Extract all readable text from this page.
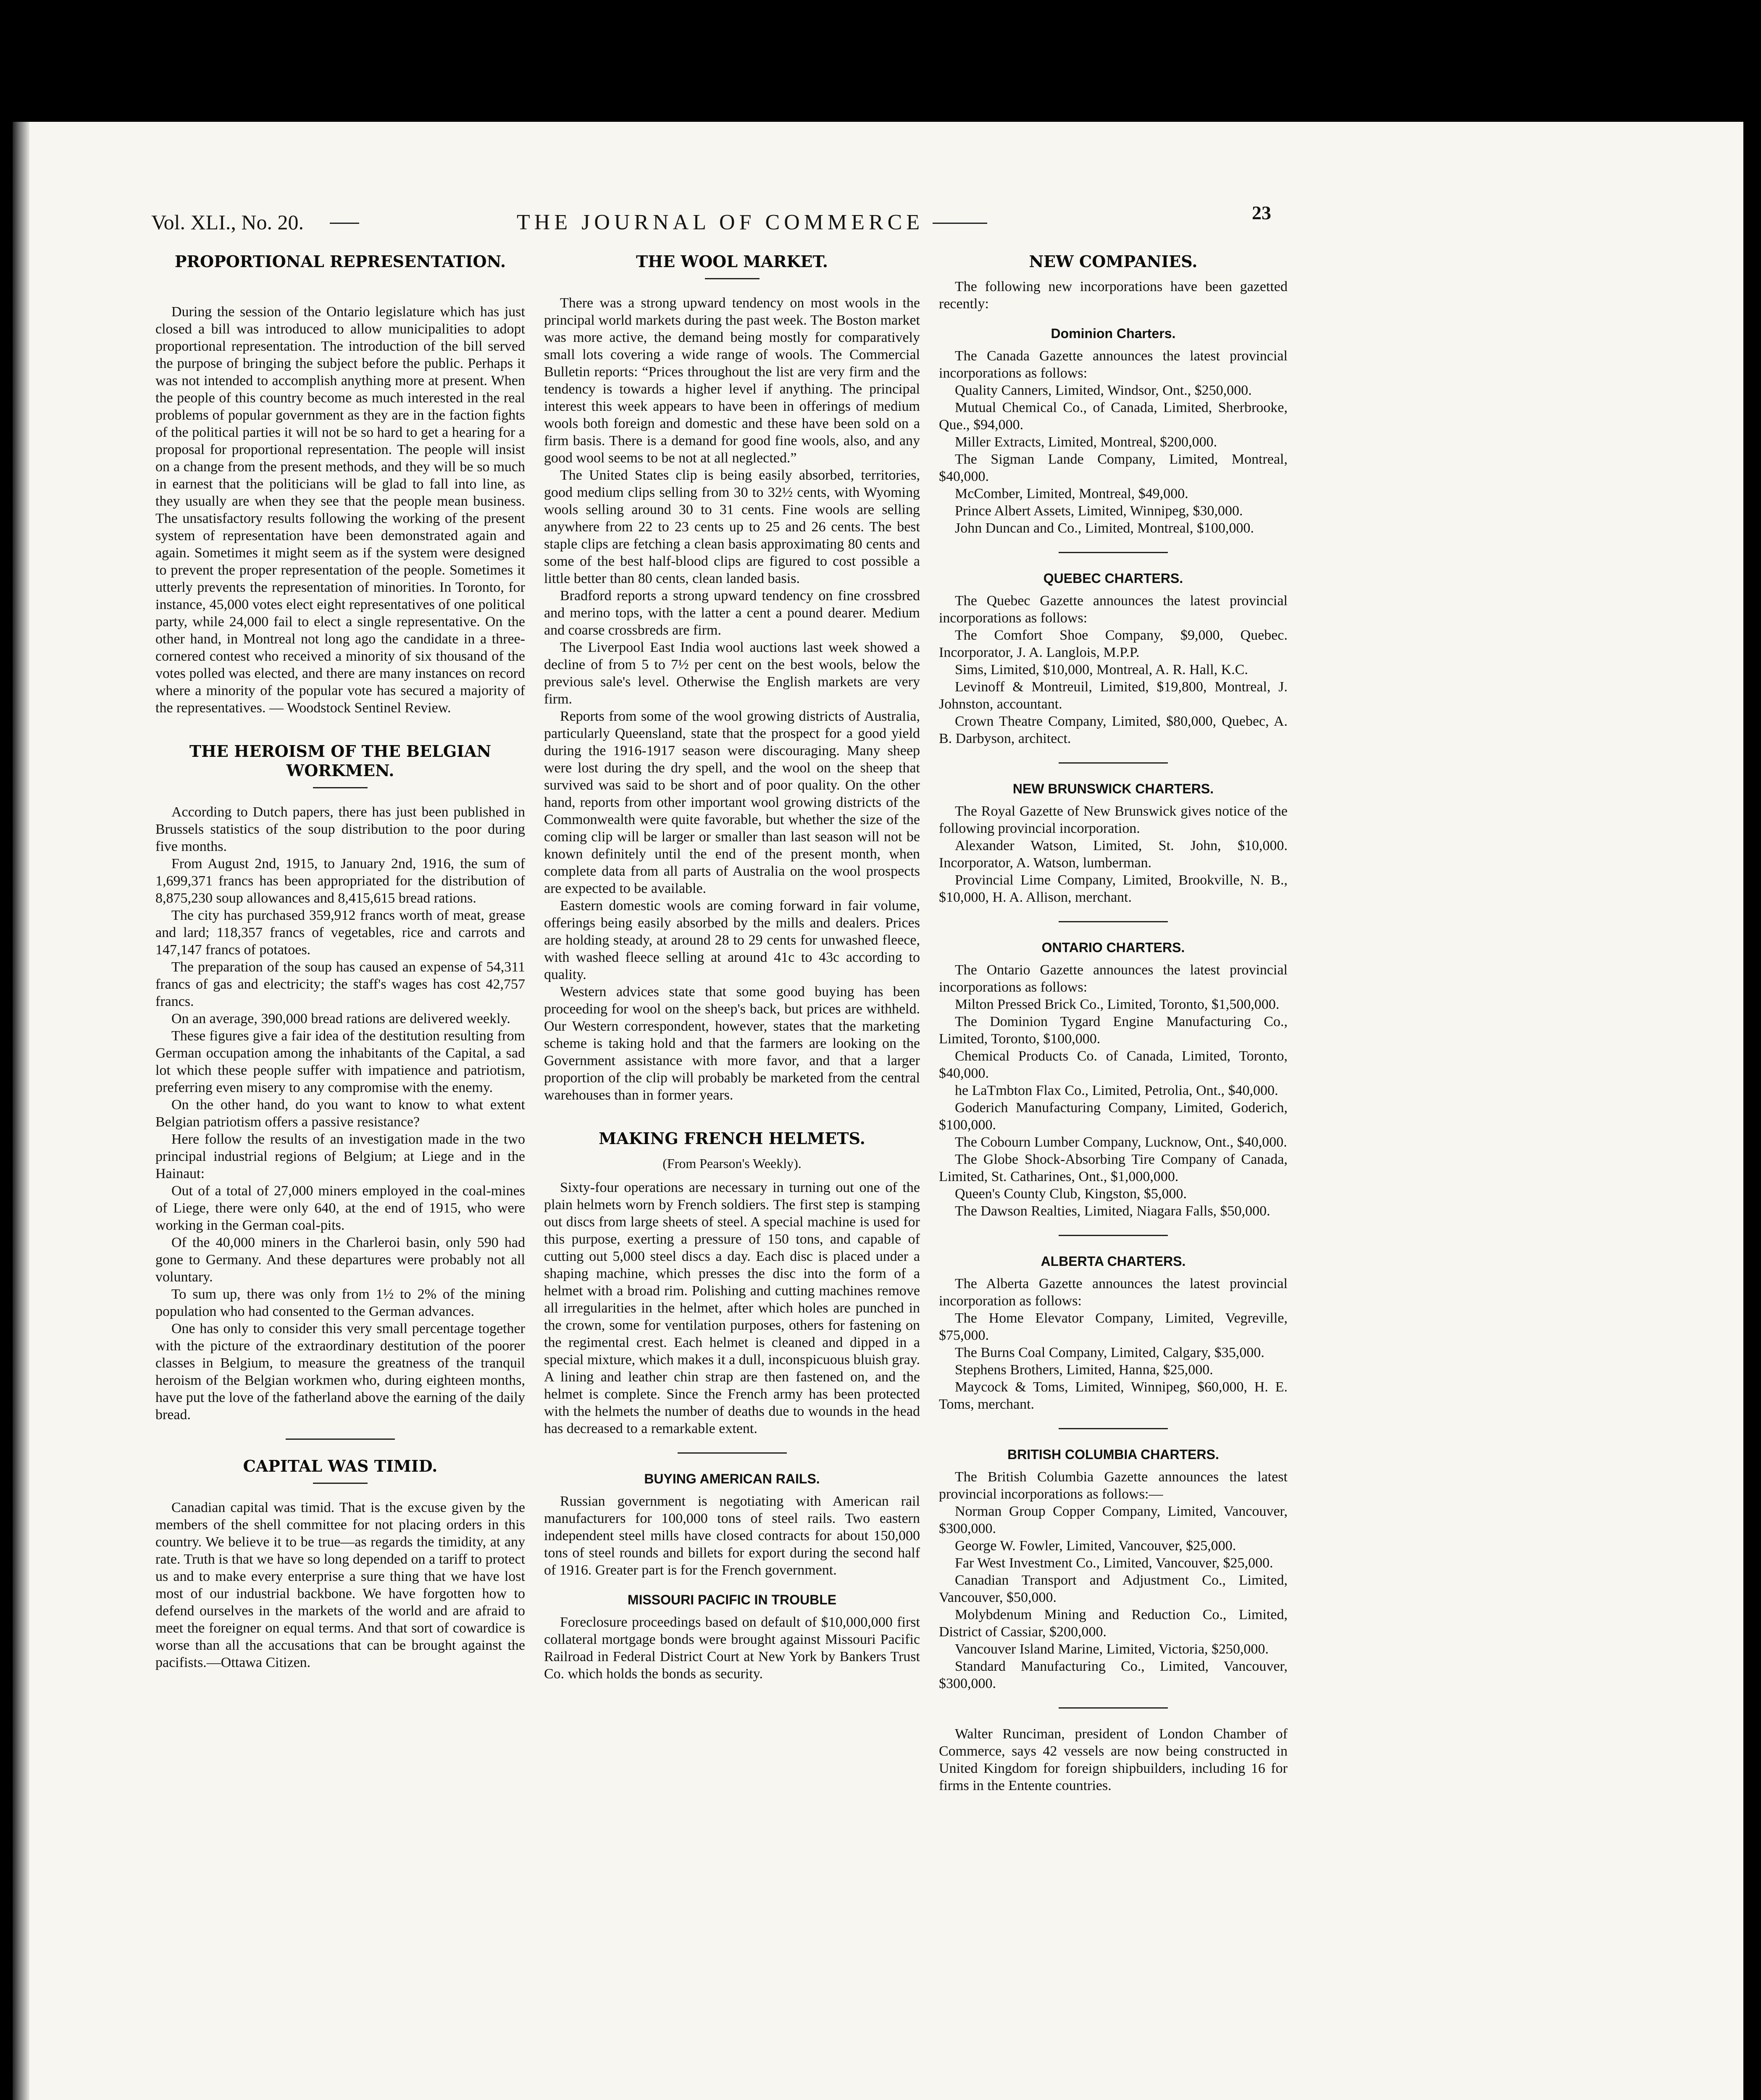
Vol. XLI., No. 20.	THE JOURNAL OF COMMERCE	23
PROPORTIONAL REPRESENTATION.

During the session of the Ontario legislature which has just closed a bill was introduced to allow municipalities to adopt proportional representation. The introduction of the bill served the purpose of bringing the subject before the public. Perhaps it was not intended to accomplish anything more at present. When the people of this country become as much interested in the real problems of popular government as they are in the faction fights of the political parties it will not be so hard to get a hearing for a proposal for proportional representation. The people will insist on a change from the present methods, and they will be so much in earnest that the politicians will be glad to fall into line, as they usually are when they see that the people mean business. The unsatisfactory results following the working of the present system of representation have been demonstrated again and again. Sometimes it might seem as if the system were designed to prevent the proper representation of the people. Sometimes it utterly prevents the representation of minorities. In Toronto, for instance, 45,000 votes elect eight representatives of one political party, while 24,000 fail to elect a single representative. On the other hand, in Montreal not long ago the candidate in a three-cornered contest who received a minority of six thousand of the votes polled was elected, and there are many instances on record where a minority of the popular vote has secured a majority of the representatives. — Woodstock Sentinel Review.

THE HEROISM OF THE BELGIAN WORKMEN.

According to Dutch papers, there has just been published in Brussels statistics of the soup distribution to the poor during five months.

From August 2nd, 1915, to January 2nd, 1916, the sum of 1,699,371 francs has been appropriated for the distribution of 8,875,230 soup allowances and 8,415,615 bread rations.

The city has purchased 359,912 francs worth of meat, grease and lard; 118,357 francs of vegetables, rice and carrots and 147,147 francs of potatoes.

The preparation of the soup has caused an expense of 54,311 francs of gas and electricity; the staff's wages has cost 42,757 francs.

On an average, 390,000 bread rations are delivered weekly.

These figures give a fair idea of the destitution resulting from German occupation among the inhabitants of the Capital, a sad lot which these people suffer with impatience and patriotism, preferring even misery to any compromise with the enemy.

On the other hand, do you want to know to what extent Belgian patriotism offers a passive resistance?

Here follow the results of an investigation made in the two principal industrial regions of Belgium; at Liege and in the Hainaut:

Out of a total of 27,000 miners employed in the coal-mines of Liege, there were only 640, at the end of 1915, who were working in the German coal-pits.

Of the 40,000 miners in the Charleroi basin, only 590 had gone to Germany. And these departures were probably not all voluntary.

To sum up, there was only from 1½ to 2% of the mining population who had consented to the German advances.

One has only to consider this very small percentage together with the picture of the extraordinary destitution of the poorer classes in Belgium, to measure the greatness of the tranquil heroism of the Belgian workmen who, during eighteen months, have put the love of the fatherland above the earning of the daily bread.

CAPITAL WAS TIMID.

Canadian capital was timid. That is the excuse given by the members of the shell committee for not placing orders in this country. We believe it to be true—as regards the timidity, at any rate. Truth is that we have so long depended on a tariff to protect us and to make every enterprise a sure thing that we have lost most of our industrial backbone. We have forgotten how to defend ourselves in the markets of the world and are afraid to meet the foreigner on equal terms. And that sort of cowardice is worse than all the accusations that can be brought against the pacifists.—Ottawa Citizen.

THE WOOL MARKET.

There was a strong upward tendency on most wools in the principal world markets during the past week. The Boston market was more active, the demand being mostly for comparatively small lots covering a wide range of wools. The Commercial Bulletin reports: “Prices throughout the list are very firm and the tendency is towards a higher level if anything. The principal interest this week appears to have been in offerings of medium wools both foreign and domestic and these have been sold on a firm basis. There is a demand for good fine wools, also, and any good wool seems to be not at all neglected.”

The United States clip is being easily absorbed, territories, good medium clips selling from 30 to 32½ cents, with Wyoming wools selling around 30 to 31 cents. Fine wools are selling anywhere from 22 to 23 cents up to 25 and 26 cents. The best staple clips are fetching a clean basis approximating 80 cents and some of the best half-blood clips are figured to cost possible a little better than 80 cents, clean landed basis.

Bradford reports a strong upward tendency on fine crossbred and merino tops, with the latter a cent a pound dearer. Medium and coarse crossbreds are firm.

The Liverpool East India wool auctions last week showed a decline of from 5 to 7½ per cent on the best wools, below the previous sale's level. Otherwise the English markets are very firm.

Reports from some of the wool growing districts of Australia, particularly Queensland, state that the prospect for a good yield during the 1916-1917 season were discouraging. Many sheep were lost during the dry spell, and the wool on the sheep that survived was said to be short and of poor quality. On the other hand, reports from other important wool growing districts of the Commonwealth were quite favorable, but whether the size of the coming clip will be larger or smaller than last season will not be known definitely until the end of the present month, when complete data from all parts of Australia on the wool prospects are expected to be available.

Eastern domestic wools are coming forward in fair volume, offerings being easily absorbed by the mills and dealers. Prices are holding steady, at around 28 to 29 cents for unwashed fleece, with washed fleece selling at around 41c to 43c according to quality.

Western advices state that some good buying has been proceeding for wool on the sheep's back, but prices are withheld. Our Western correspondent, however, states that the marketing scheme is taking hold and that the farmers are looking on the Government assistance with more favor, and that a larger proportion of the clip will probably be marketed from the central warehouses than in former years.

MAKING FRENCH HELMETS.
(From Pearson's Weekly).

Sixty-four operations are necessary in turning out one of the plain helmets worn by French soldiers. The first step is stamping out discs from large sheets of steel. A special machine is used for this purpose, exerting a pressure of 150 tons, and capable of cutting out 5,000 steel discs a day. Each disc is placed under a shaping machine, which presses the disc into the form of a helmet with a broad rim. Polishing and cutting machines remove all irregularities in the helmet, after which holes are punched in the crown, some for ventilation purposes, others for fastening on the regimental crest. Each helmet is cleaned and dipped in a special mixture, which makes it a dull, inconspicuous bluish gray. A lining and leather chin strap are then fastened on, and the helmet is complete. Since the French army has been protected with the helmets the number of deaths due to wounds in the head has decreased to a remarkable extent.

BUYING AMERICAN RAILS.

Russian government is negotiating with American rail manufacturers for 100,000 tons of steel rails. Two eastern independent steel mills have closed contracts for about 150,000 tons of steel rounds and billets for export during the second half of 1916. Greater part is for the French government.

MISSOURI PACIFIC IN TROUBLE

Foreclosure proceedings based on default of $10,000,000 first collateral mortgage bonds were brought against Missouri Pacific Railroad in Federal District Court at New York by Bankers Trust Co. which holds the bonds as security.

NEW COMPANIES.

The following new incorporations have been gazetted recently:

Dominion Charters.

The Canada Gazette announces the latest provincial incorporations as follows:

Quality Canners, Limited, Windsor, Ont., $250,000.

Mutual Chemical Co., of Canada, Limited, Sherbrooke, Que., $94,000.

Miller Extracts, Limited, Montreal, $200,000.

The Sigman Lande Company, Limited, Montreal, $40,000.

McComber, Limited, Montreal, $49,000.

Prince Albert Assets, Limited, Winnipeg, $30,000.

John Duncan and Co., Limited, Montreal, $100,000.

QUEBEC CHARTERS.

The Quebec Gazette announces the latest provincial incorporations as follows:

The Comfort Shoe Company, $9,000, Quebec. Incorporator, J. A. Langlois, M.P.P.

Sims, Limited, $10,000, Montreal, A. R. Hall, K.C.

Levinoff & Montreuil, Limited, $19,800, Montreal, J. Johnston, accountant.

Crown Theatre Company, Limited, $80,000, Quebec, A. B. Darbyson, architect.

NEW BRUNSWICK CHARTERS.

The Royal Gazette of New Brunswick gives notice of the following provincial incorporation.

Alexander Watson, Limited, St. John, $10,000. Incorporator, A. Watson, lumberman.

Provincial Lime Company, Limited, Brookville, N. B., $10,000, H. A. Allison, merchant.

ONTARIO CHARTERS.

The Ontario Gazette announces the latest provincial incorporations as follows:

Milton Pressed Brick Co., Limited, Toronto, $1,500,000.

The Dominion Tygard Engine Manufacturing Co., Limited, Toronto, $100,000.

Chemical Products Co. of Canada, Limited, Toronto, $40,000.

he LaTmbton Flax Co., Limited, Petrolia, Ont., $40,000.

Goderich Manufacturing Company, Limited, Goderich, $100,000.

The Cobourn Lumber Company, Lucknow, Ont., $40,000.

The Globe Shock-Absorbing Tire Company of Canada, Limited, St. Catharines, Ont., $1,000,000.

Queen's County Club, Kingston, $5,000.

The Dawson Realties, Limited, Niagara Falls, $50,000.

ALBERTA CHARTERS.

The Alberta Gazette announces the latest provincial incorporation as follows:

The Home Elevator Company, Limited, Vegreville, $75,000.

The Burns Coal Company, Limited, Calgary, $35,000.

Stephens Brothers, Limited, Hanna, $25,000.

Maycock & Toms, Limited, Winnipeg, $60,000, H. E. Toms, merchant.

BRITISH COLUMBIA CHARTERS.

The British Columbia Gazette announces the latest provincial incorporations as follows:—

Norman Group Copper Company, Limited, Vancouver, $300,000.

George W. Fowler, Limited, Vancouver, $25,000.

Far West Investment Co., Limited, Vancouver, $25,000.

Canadian Transport and Adjustment Co., Limited, Vancouver, $50,000.

Molybdenum Mining and Reduction Co., Limited, District of Cassiar, $200,000.

Vancouver Island Marine, Limited, Victoria, $250,000.

Standard Manufacturing Co., Limited, Vancouver, $300,000.

Walter Runciman, president of London Chamber of Commerce, says 42 vessels are now being constructed in United Kingdom for foreign shipbuilders, including 16 for firms in the Entente countries.
